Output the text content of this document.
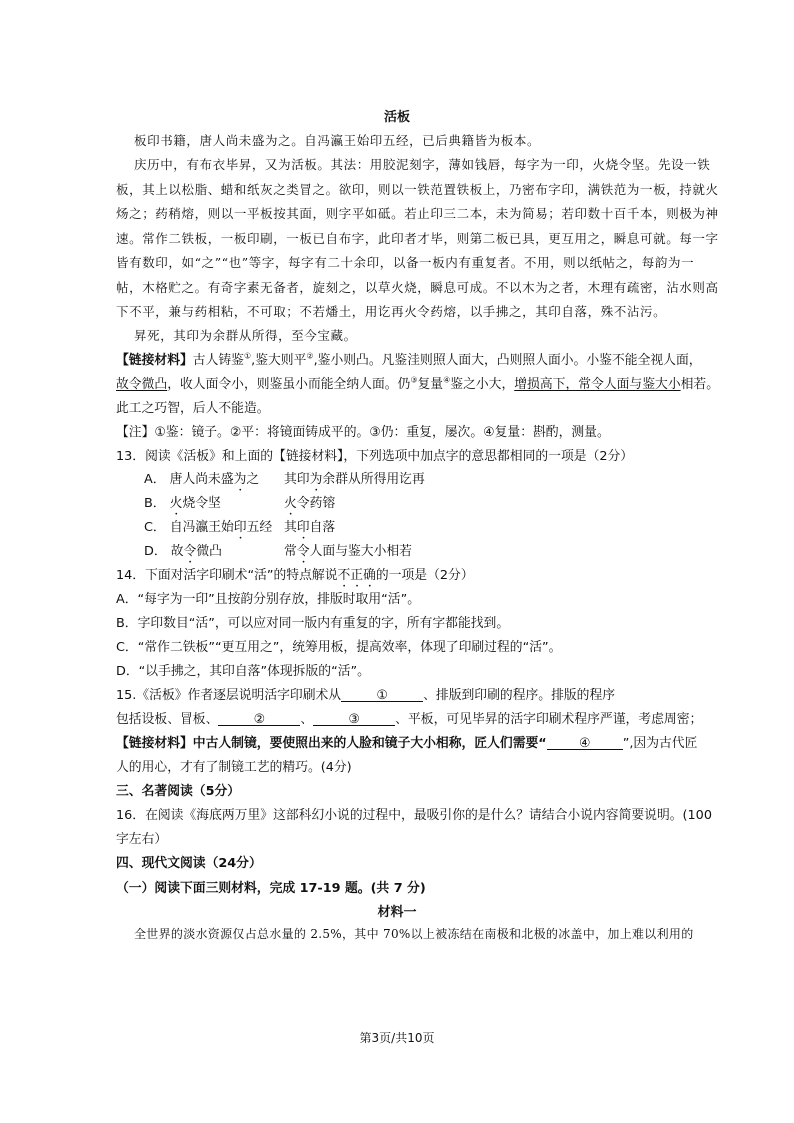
活板
板印书籍，唐人尚未盛为之。自冯瀛王始印五经，已后典籍皆为板本。
庆历中，有布衣毕昇，又为活板。其法：用胶泥刻字，薄如钱唇，每字为一印，火烧令坚。先设一铁
板，其上以松脂、蜡和纸灰之类冒之。欲印，则以一铁范置铁板上，乃密布字印，满铁范为一板，持就火
炀之；药稍熔，则以一平板按其面，则字平如砥。若止印三二本，未为简易；若印数十百千本，则极为神
速。常作二铁板，一板印刷，一板已自布字，此印者才毕，则第二板已具，更互用之，瞬息可就。每一字
皆有数印，如“之”“也”等字，每字有二十余印，以备一板内有重复者。不用，则以纸帖之，每韵为一
帖，木格贮之。有奇字素无备者，旋刻之，以草火烧，瞬息可成。不以木为之者，木理有疏密，沾水则高
下不平，兼与药相粘，不可取；不若燔土，用讫再火令药熔，以手拂之，其印自落，殊不沾污。
昇死，其印为余群从所得，至今宝藏。
【链接材料】古人铸鉴①,鉴大则平②,鉴小则凸。凡鉴洼则照人面大，凸则照人面小。小鉴不能全视人面，
故令微凸，收人面令小，则鉴虽小而能全纳人面。仍③复量④鉴之小大，增损高下，常令人面与鉴大小相若。
此工之巧智，后人不能造。
【注】①鉴：镜子。②平：将镜面铸成平的。③仍：重复，屡次。④复量：斟酌，测量。
13．阅读《活板》和上面的【链接材料】，下列选项中加点字的意思都相同的一项是（2分）
A． 唐人尚未盛为之 其印为余群从所得用讫再
B． 火烧令坚	火令药镕
C． 自冯瀛王始印五经 其印自落
D． 故令微凸	常令人面与鉴大小相若
14．下面对活字印刷术“活”的特点解说不正确的一项是（2分）
A．“每字为一印”且按韵分别存放，排版时取用“活”。
B．字印数目“活”，可以应对同一版内有重复的字，所有字都能找到。
C．“常作二铁板”“更互用之”，统筹用板，提高效率，体现了印刷过程的“活”。
D．“以手拂之，其印自落”体现拆版的“活”。
15.《活板》作者逐层说明活字印刷术从	①	、排版到印刷的程序。排版的程序
包括设板、冒板、	②	、	③	、平板，可见毕昇的活字印刷术程序严谨，考虑周密；
【链接材料】中古人制镜，要使照出来的人脸和镜子大小相称，匠人们需要“	④	”,因为古代匠
人的用心，才有了制镜工艺的精巧。(4分)
三、名著阅读（5分）
16．在阅读《海底两万里》这部科幻小说的过程中，最吸引你的是什么？请结合小说内容简要说明。(100
字左右）
四、现代文阅读（24分）
（一）阅读下面三则材料，完成 17-19 题。(共 7 分)
材料一
全世界的淡水资源仅占总水量的 2.5%，其中 70%以上被冻结在南极和北极的冰盖中，加上难以利用的
第3页/共10页
